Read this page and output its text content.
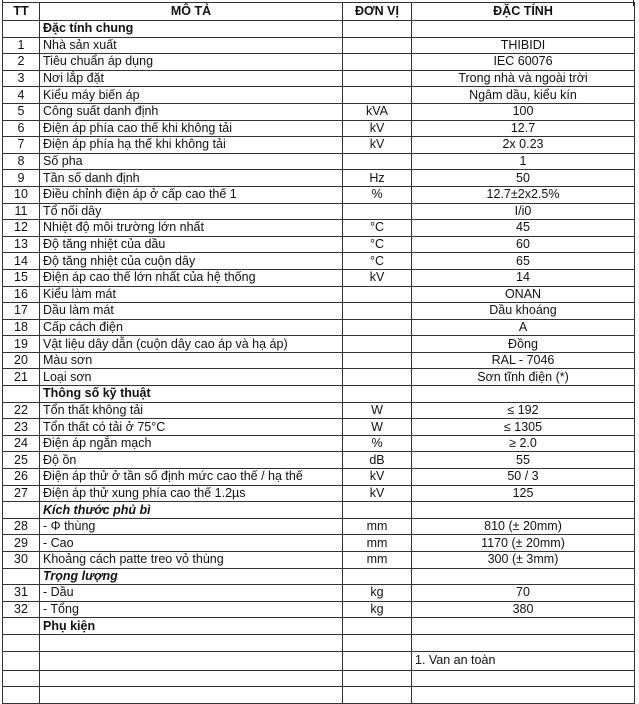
TT	MÔ TẢ	ĐƠN VỊ	ĐẶC TÍNH
	Đặc tính chung		
1	Nhà sản xuất		THIBIDI
2	Tiêu chuẩn áp dụng		IEC 60076
3	Nơi lắp đặt		Trong nhà và ngoài trời
4	Kiểu máy biến áp		Ngâm dầu, kiểu kín
5	Công suất danh định	kVA	100
6	Điện áp phía cao thế khi không tải	kV	12.7
7	Điện áp phía hạ thế khi không tải	kV	2x 0.23
8	Số pha		1
9	Tần số danh định	Hz	50
10	Điều chỉnh điện áp ở cấp cao thế 1	%	12.7±2x2.5%
11	Tổ nối dây		I/i0
12	Nhiệt độ môi trường lớn nhất	°C	45
13	Độ tăng nhiệt của dầu	°C	60
14	Độ tăng nhiệt của cuộn dây	°C	65
15	Điện áp cao thế lớn nhất của hệ thống	kV	14
16	Kiểu làm mát		ONAN
17	Dầu làm mát		Dầu khoáng
18	Cấp cách điện		A
19	Vật liệu dây dẫn (cuộn dây cao áp và hạ áp)		Đồng
20	Màu sơn		RAL - 7046
21	Loại sơn		Sơn tĩnh điện (*)
	Thông số kỹ thuật		
22	Tổn thất không tải	W	≤ 192
23	Tổn thất có tải ở 75°C	W	≤ 1305
24	Điện áp ngắn mạch	%	≥ 2.0
25	Độ ồn	dB	55
26	Điện áp thử ở tần số định mức cao thế / hạ thế	kV	50 / 3
27	Điện áp thử xung phía cao thế 1.2µs	kV	125
	Kích thước phủ bì		
28	- Φ thùng	mm	810 (± 20mm)
29	- Cao	mm	1170 (± 20mm)
30	Khoảng cách patte treo vỏ thùng	mm	300 (± 3mm)
	Trọng lượng		
31	- Dầu	kg	70
32	- Tổng	kg	380
	Phụ kiện		

			1. Van an toàn
